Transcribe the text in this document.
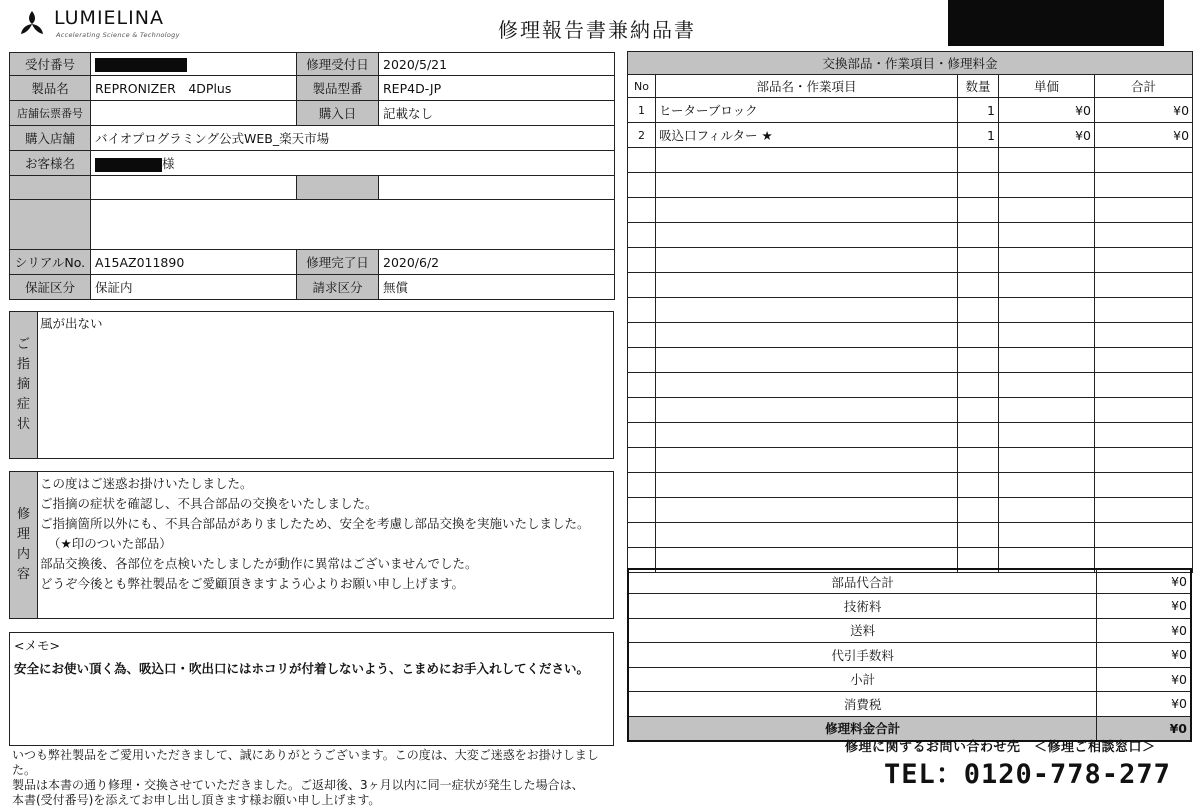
LUMIELINA
Accelerating Science & Technology	修理報告書兼納品書
受付番号		修理受付日	2020/5/21
製品名	REPRONIZER　4DPlus	製品型番	REP4D-JP
店舗伝票番号		購入日	記載なし
購入店舗	バイオプログラミング公式WEB_楽天市場		
お客様名	様		

シリアルNo.	A15AZ011890	修理完了日	2020/6/2
保証区分	保証内	請求区分	無償
ご
指
摘
症
状
風が出ない
修
理
内
容
この度はご迷惑お掛けいたしました。
ご指摘の症状を確認し、不具合部品の交換をいたしました。
ご指摘箇所以外にも、不具合部品がありましたため、安全を考慮し部品交換を実施いたしました。
（★印のついた部品）
部品交換後、各部位を点検いたしましたが動作に異常はございませんでした。
どうぞ今後とも弊社製品をご愛顧頂きますよう心よりお願い申し上げます。
<メモ>
安全にお使い頂く為、吸込口・吹出口にはホコリが付着しないよう、こまめにお手入れしてください。
いつも弊社製品をご愛用いただきまして、誠にありがとうございます。この度は、大変ご迷惑をお掛けしました。
製品は本書の通り修理・交換させていただきました。ご返却後、3ヶ月以内に同一症状が発生した場合は、
本書(受付番号)を添えてお申し出し頂きます様お願い申し上げます。
交換部品・作業項目・修理料金				
No	部品名・作業項目	数量	単価	合計
1	ヒーターブロック	1	¥0	¥0
2	吸込口フィルター ★	1	¥0	¥0

部品代合計	¥0
技術料	¥0
送料	¥0
代引手数料	¥0
小計	¥0
消費税	¥0
修理料金合計	¥0
修理に関するお問い合わせ先　＜修理ご相談窓口＞
TEL：0120-778-277
